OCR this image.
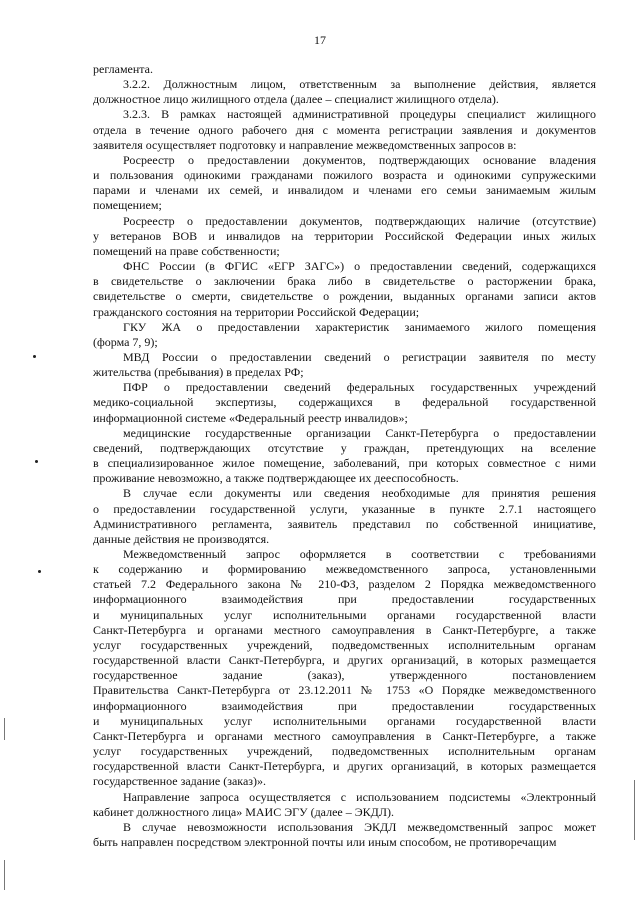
17
регламента.
3.2.2. Должностным лицом, ответственным за выполнение действия, является
должностное лицо жилищного отдела (далее – специалист жилищного отдела).
3.2.3. В рамках настоящей административной процедуры специалист жилищного
отдела в течение одного рабочего дня с момента регистрации заявления и документов
заявителя осуществляет подготовку и направление межведомственных запросов в:
Росреестр о предоставлении документов, подтверждающих основание владения
и пользования одинокими гражданами пожилого возраста и одинокими супружескими
парами и членами их семей, и инвалидом и членами его семьи занимаемым жилым
помещением;
Росреестр о предоставлении документов, подтверждающих наличие (отсутствие)
у ветеранов ВОВ и инвалидов на территории Российской Федерации иных жилых
помещений на праве собственности;
ФНС России (в ФГИС «ЕГР ЗАГС») о предоставлении сведений, содержащихся
в свидетельстве о заключении брака либо в свидетельстве о расторжении брака,
свидетельстве о смерти, свидетельстве о рождении, выданных органами записи актов
гражданского состояния на территории Российской Федерации;
ГКУ ЖА о предоставлении характеристик занимаемого жилого помещения
(форма 7, 9);
МВД России о предоставлении сведений о регистрации заявителя по месту
жительства (пребывания) в пределах РФ;
ПФР о предоставлении сведений федеральных государственных учреждений
медико-социальной экспертизы, содержащихся в федеральной государственной
информационной системе «Федеральный реестр инвалидов»;
медицинские государственные организации Санкт-Петербурга о предоставлении
сведений, подтверждающих отсутствие у граждан, претендующих на вселение
в специализированное жилое помещение, заболеваний, при которых совместное с ними
проживание невозможно, а также подтверждающее их дееспособность.
В случае если документы или сведения необходимые для принятия решения
о предоставлении государственной услуги, указанные в пункте 2.7.1 настоящего
Административного регламента, заявитель представил по собственной инициативе,
данные действия не производятся.
Межведомственный запрос оформляется в соответствии с требованиями
к содержанию и формированию межведомственного запроса, установленными
статьей 7.2 Федерального закона № 210-ФЗ, разделом 2 Порядка межведомственного
информационного взаимодействия при предоставлении государственных
и муниципальных услуг исполнительными органами государственной власти
Санкт-Петербурга и органами местного самоуправления в Санкт-Петербурге, а также
услуг государственных учреждений, подведомственных исполнительным органам
государственной власти Санкт-Петербурга, и других организаций, в которых размещается
государственное задание (заказ), утвержденного постановлением
Правительства Санкт-Петербурга от 23.12.2011 № 1753 «О Порядке межведомственного
информационного взаимодействия при предоставлении государственных
и муниципальных услуг исполнительными органами государственной власти
Санкт-Петербурга и органами местного самоуправления в Санкт-Петербурге, а также
услуг государственных учреждений, подведомственных исполнительным органам
государственной власти Санкт-Петербурга, и других организаций, в которых размещается
государственное задание (заказ)».
Направление запроса осуществляется с использованием подсистемы «Электронный
кабинет должностного лица» МАИС ЭГУ (далее – ЭКДЛ).
В случае невозможности использования ЭКДЛ межведомственный запрос может
быть направлен посредством электронной почты или иным способом, не противоречащим
